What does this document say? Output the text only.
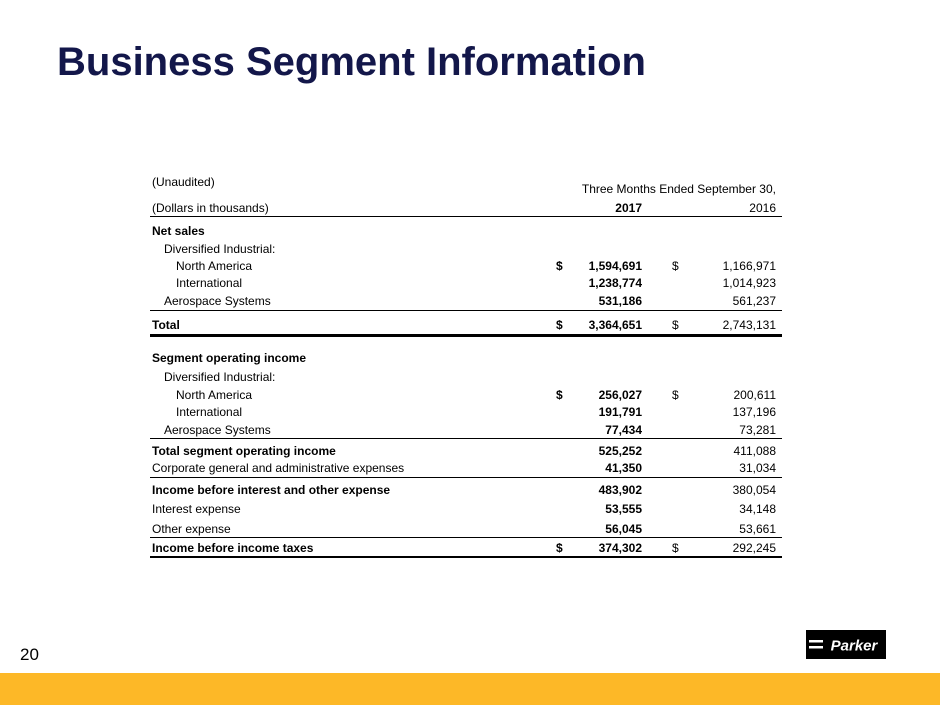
Business Segment Information
(Unaudited)	Three Months Ended September 30,
(Dollars in thousands)	2017	2016
Net sales
Diversified Industrial:
North America	$ 1,594,691	$	1,166,971
International	1,238,774	1,014,923
Aerospace Systems	531,186	561,237
Total	$ 3,364,651	$	2,743,131
Segment operating income
Diversified Industrial:
North America	$	256,027	$	200,611
International	191,791	137,196
Aerospace Systems	77,434	73,281
Total segment operating income	525,252	411,088
Corporate general and administrative expenses	41,350	31,034
Income before interest and other expense	483,902	380,054
Interest expense	53,555	34,148
Other expense	56,045	53,661
Income before income taxes	$	374,302	$	292,245
20	Parker
